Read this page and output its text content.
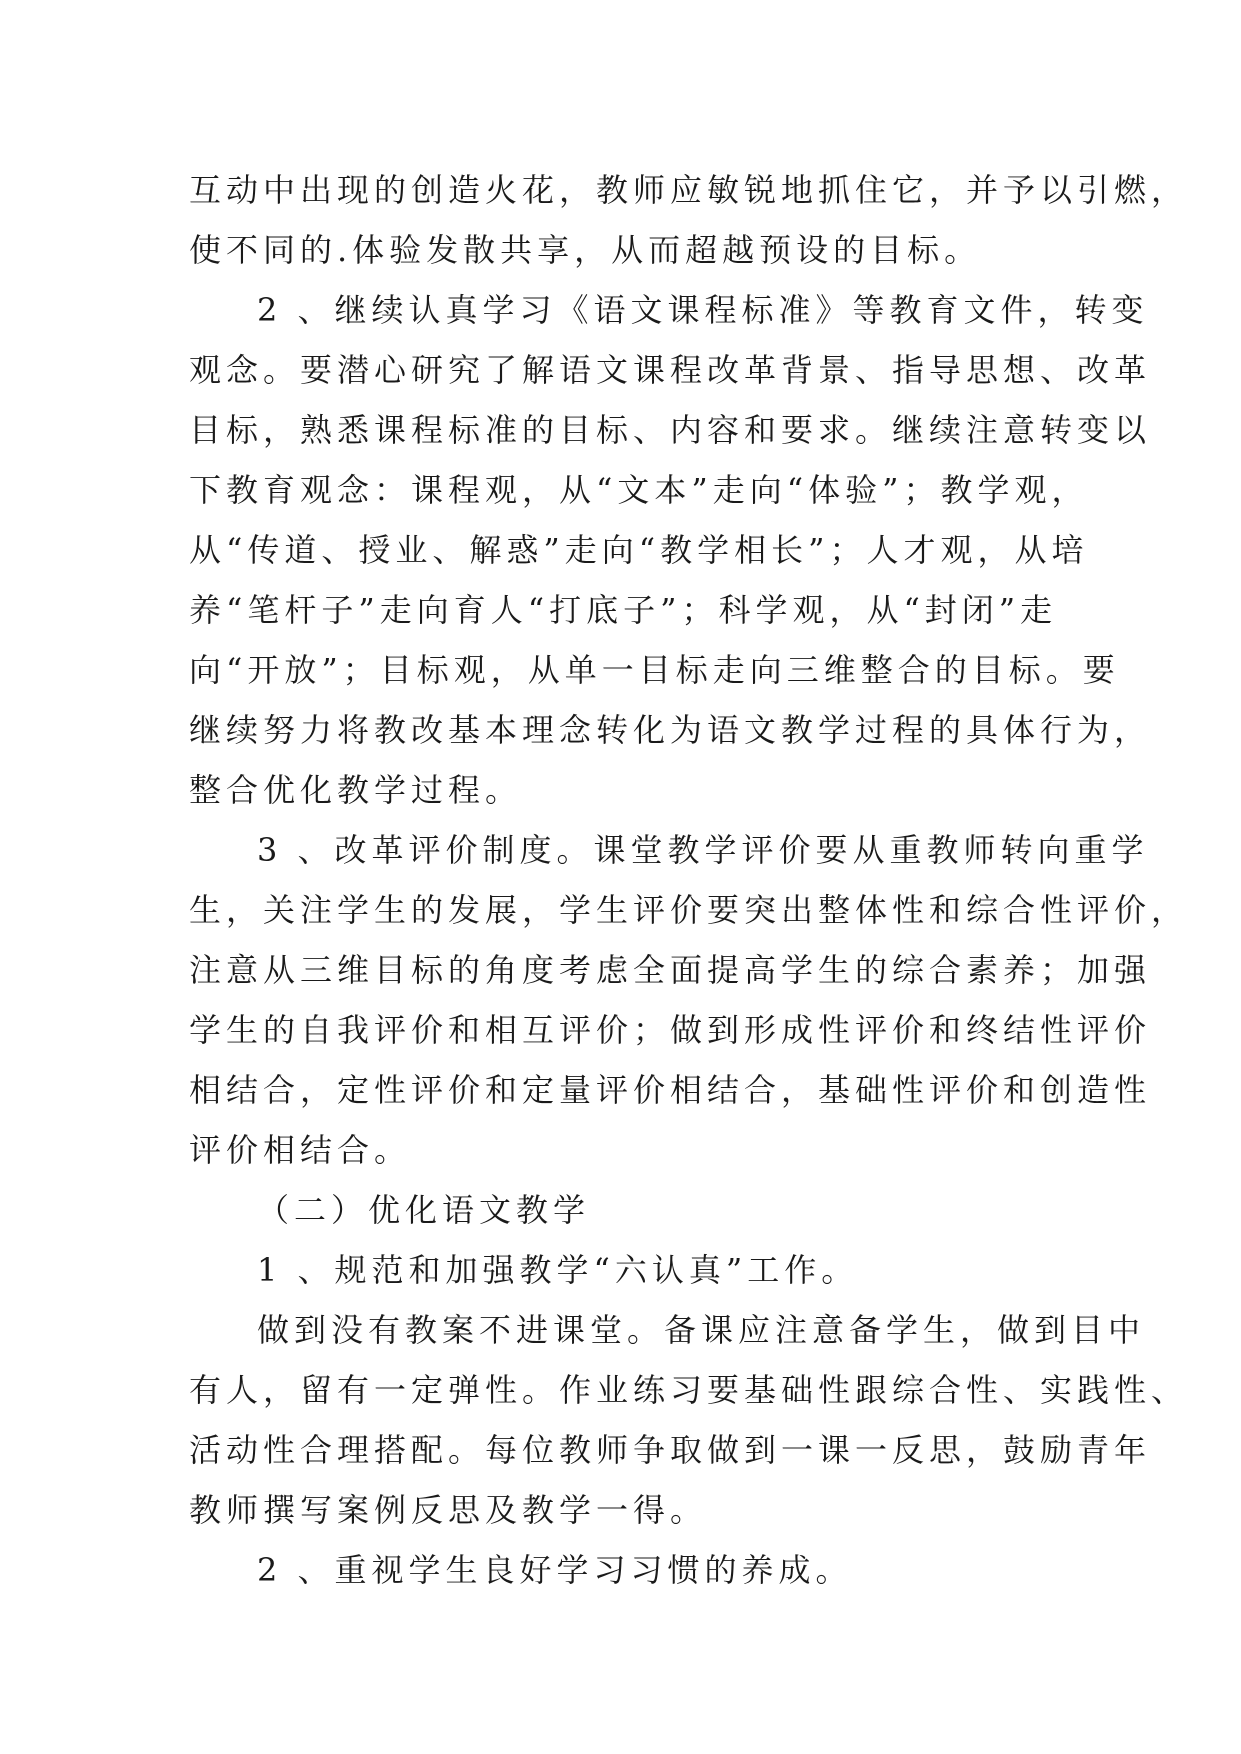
互动中出现的创造火花，教师应敏锐地抓住它，并予以引燃，
使不同的.体验发散共享，从而超越预设的目标。

2 、继续认真学习《语文课程标准》等教育文件，转变
观念。要潜心研究了解语文课程改革背景、指导思想、改革
目标，熟悉课程标准的目标、内容和要求。继续注意转变以
下教育观念：课程观，从“文本”走向“体验”；教学观，
从“传道、授业、解惑”走向“教学相长”；人才观，从培
养“笔杆子”走向育人“打底子”；科学观，从“封闭”走
向“开放”；目标观，从单一目标走向三维整合的目标。要
继续努力将教改基本理念转化为语文教学过程的具体行为，
整合优化教学过程。

3 、改革评价制度。课堂教学评价要从重教师转向重学
生，关注学生的发展，学生评价要突出整体性和综合性评价，
注意从三维目标的角度考虑全面提高学生的综合素养；加强
学生的自我评价和相互评价；做到形成性评价和终结性评价
相结合，定性评价和定量评价相结合，基础性评价和创造性
评价相结合。

（二）优化语文教学

1 、规范和加强教学“六认真”工作。

做到没有教案不进课堂。备课应注意备学生，做到目中
有人，留有一定弹性。作业练习要基础性跟综合性、实践性、
活动性合理搭配。每位教师争取做到一课一反思，鼓励青年
教师撰写案例反思及教学一得。

2 、重视学生良好学习习惯的养成。
